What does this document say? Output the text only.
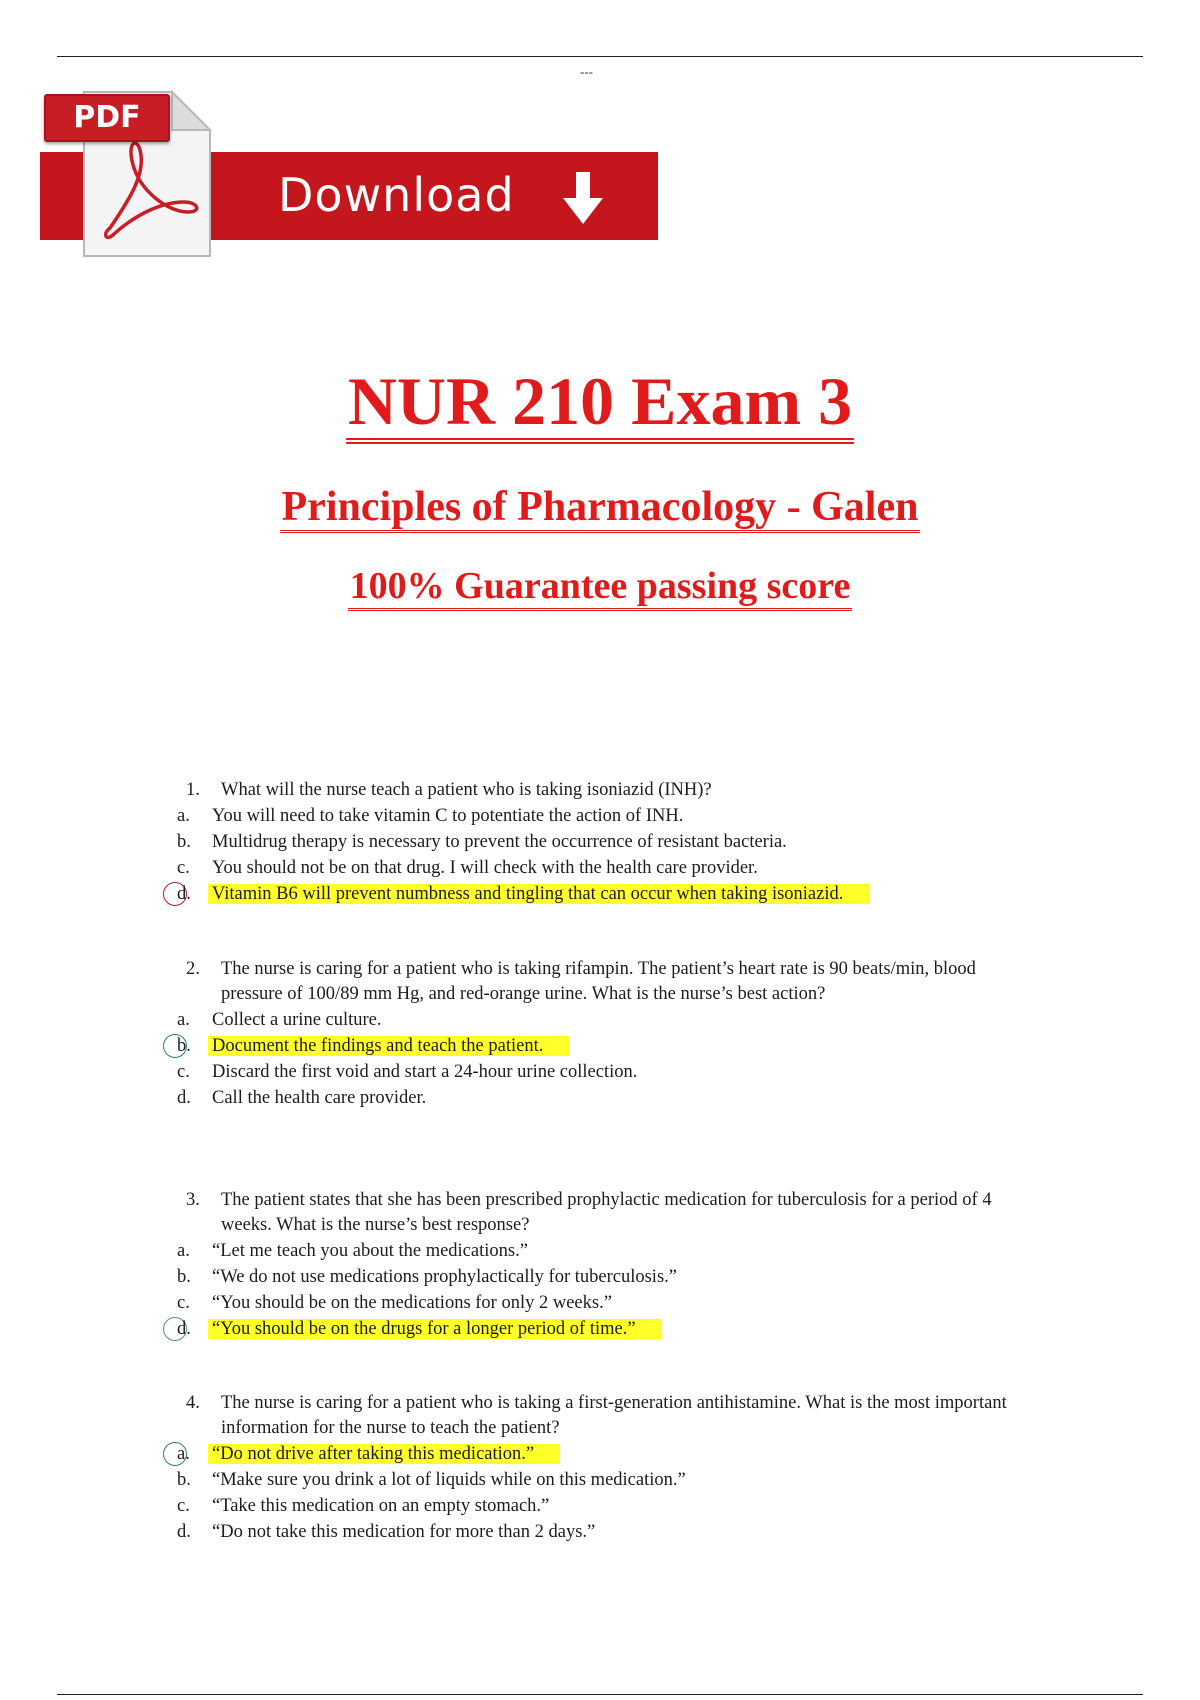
---
Download
PDF
NUR 210 Exam 3
Principles of Pharmacology - Galen
100% Guarantee passing score
1. What will the nurse teach a patient who is taking isoniazid (INH)?
a. You will need to take vitamin C to potentiate the action of INH.
b. Multidrug therapy is necessary to prevent the occurrence of resistant bacteria.
c. You should not be on that drug. I will check with the health care provider.
d. Vitamin B6 will prevent numbness and tingling that can occur when taking isoniazid.
2. The nurse is caring for a patient who is taking rifampin. The patient’s heart rate is 90 beats/min, blood pressure of 100/89 mm Hg, and red-orange urine. What is the nurse’s best action?
a. Collect a urine culture.
b. Document the findings and teach the patient.
c. Discard the first void and start a 24-hour urine collection.
d. Call the health care provider.
3. The patient states that she has been prescribed prophylactic medication for tuberculosis for a period of 4 weeks. What is the nurse’s best response?
a. “Let me teach you about the medications.”
b. “We do not use medications prophylactically for tuberculosis.”
c. “You should be on the medications for only 2 weeks.”
d. “You should be on the drugs for a longer period of time.”
4. The nurse is caring for a patient who is taking a first-generation antihistamine. What is the most important information for the nurse to teach the patient?
a. “Do not drive after taking this medication.”
b. “Make sure you drink a lot of liquids while on this medication.”
c. “Take this medication on an empty stomach.”
d. “Do not take this medication for more than 2 days.”
